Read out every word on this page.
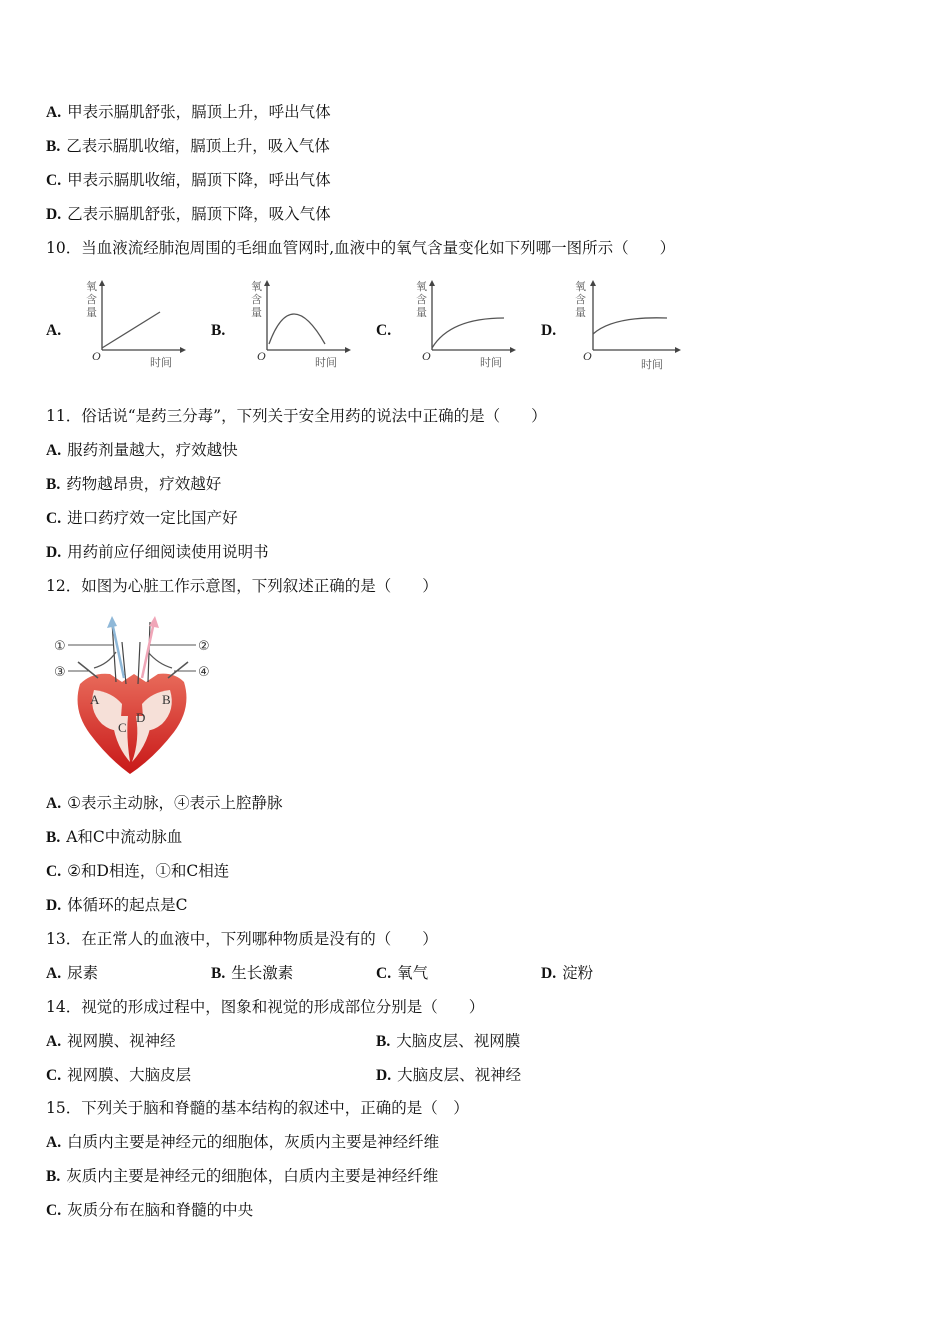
A. 甲表示膈肌舒张，膈顶上升，呼出气体
B. 乙表示膈肌收缩，膈顶上升，吸入气体
C. 甲表示膈肌收缩，膈顶下降，呼出气体
D. 乙表示膈肌舒张，膈顶下降，吸入气体
10．当血液流经肺泡周围的毛细血管网时,血液中的氧气含量变化如下列哪一图所示（　　）
A.
氧
含
量
O	时间
B.
氧
含
量
O	时间
C.
氧
含
量
O	时间
D.
氧
含
量
O
时间
11．俗话说“是药三分毒”，下列关于安全用药的说法中正确的是（　　）
A. 服药剂量越大，疗效越快
B. 药物越昂贵，疗效越好
C. 进口药疗效一定比国产好
D. 用药前应仔细阅读使用说明书
12．如图为心脏工作示意图，下列叙述正确的是（　　）
①	②
③	④
A	B
C
D
A. ①表示主动脉，④表示上腔静脉
B. A和C中流动脉血
C. ②和D相连，①和C相连
D. 体循环的起点是C
13．在正常人的血液中，下列哪种物质是没有的（　　）
A. 尿素	B. 生长激素	C. 氧气	D. 淀粉
14．视觉的形成过程中，图象和视觉的形成部位分别是（　　）
A. 视网膜、视神经	B. 大脑皮层、视网膜
C. 视网膜、大脑皮层	D. 大脑皮层、视神经
15．下列关于脑和脊髓的基本结构的叙述中，正确的是（　）
A. 白质内主要是神经元的细胞体，灰质内主要是神经纤维
B. 灰质内主要是神经元的细胞体，白质内主要是神经纤维
C. 灰质分布在脑和脊髓的中央
